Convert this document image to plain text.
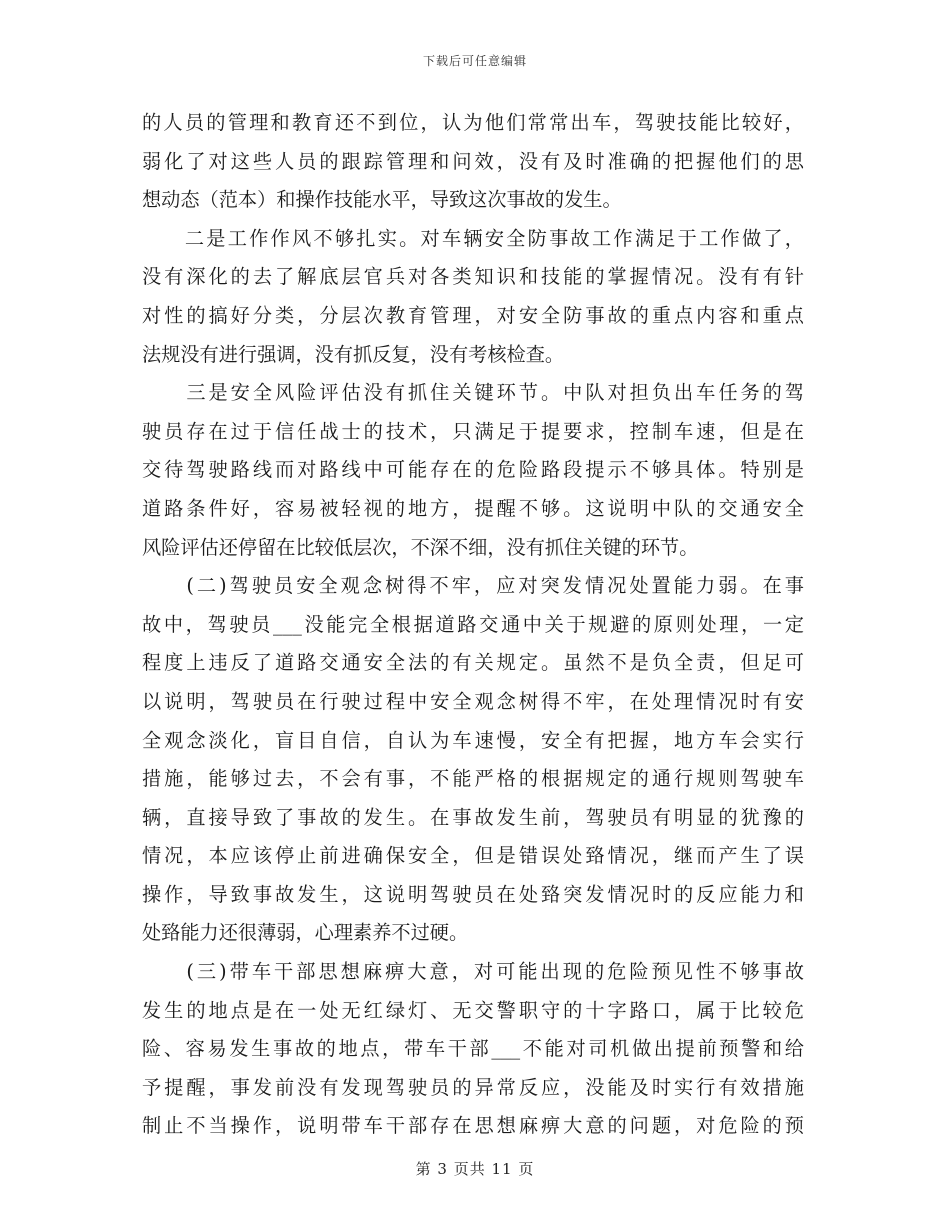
下载后可任意编辑
的人员的管理和教育还不到位，认为他们常常出车，驾驶技能比较好，
弱化了对这些人员的跟踪管理和问效，没有及时准确的把握他们的思
想动态（范本）和操作技能水平，导致这次事故的发生。
　　二是工作作风不够扎实。对车辆安全防事故工作满足于工作做了，
没有深化的去了解底层官兵对各类知识和技能的掌握情况。没有有针
对性的搞好分类，分层次教育管理，对安全防事故的重点内容和重点
法规没有进行强调，没有抓反复，没有考核检查。
　　三是安全风险评估没有抓住关键环节。中队对担负出车任务的驾
驶员存在过于信任战士的技术，只满足于提要求，控制车速，但是在
交待驾驶路线而对路线中可能存在的危险路段提示不够具体。特别是
道路条件好，容易被轻视的地方，提醒不够。这说明中队的交通安全
风险评估还停留在比较低层次，不深不细，没有抓住关键的环节。
　　(二)驾驶员安全观念树得不牢，应对突发情况处置能力弱。在事
故中，驾驶员___没能完全根据道路交通中关于规避的原则处理，一定
程度上违反了道路交通安全法的有关规定。虽然不是负全责，但足可
以说明，驾驶员在行驶过程中安全观念树得不牢，在处理情况时有安
全观念淡化，盲目自信，自认为车速慢，安全有把握，地方车会实行
措施，能够过去，不会有事，不能严格的根据规定的通行规则驾驶车
辆，直接导致了事故的发生。在事故发生前，驾驶员有明显的犹豫的
情况，本应该停止前进确保安全，但是错误处臵情况，继而产生了误
操作，导致事故发生，这说明驾驶员在处臵突发情况时的反应能力和
处臵能力还很薄弱，心理素养不过硬。
　　(三)带车干部思想麻痹大意，对可能出现的危险预见性不够事故
发生的地点是在一处无红绿灯、无交警职守的十字路口，属于比较危
险、容易发生事故的地点，带车干部___不能对司机做出提前预警和给
予提醒，事发前没有发现驾驶员的异常反应，没能及时实行有效措施
制止不当操作，说明带车干部存在思想麻痹大意的问题，对危险的预
第 3 页共 11 页
